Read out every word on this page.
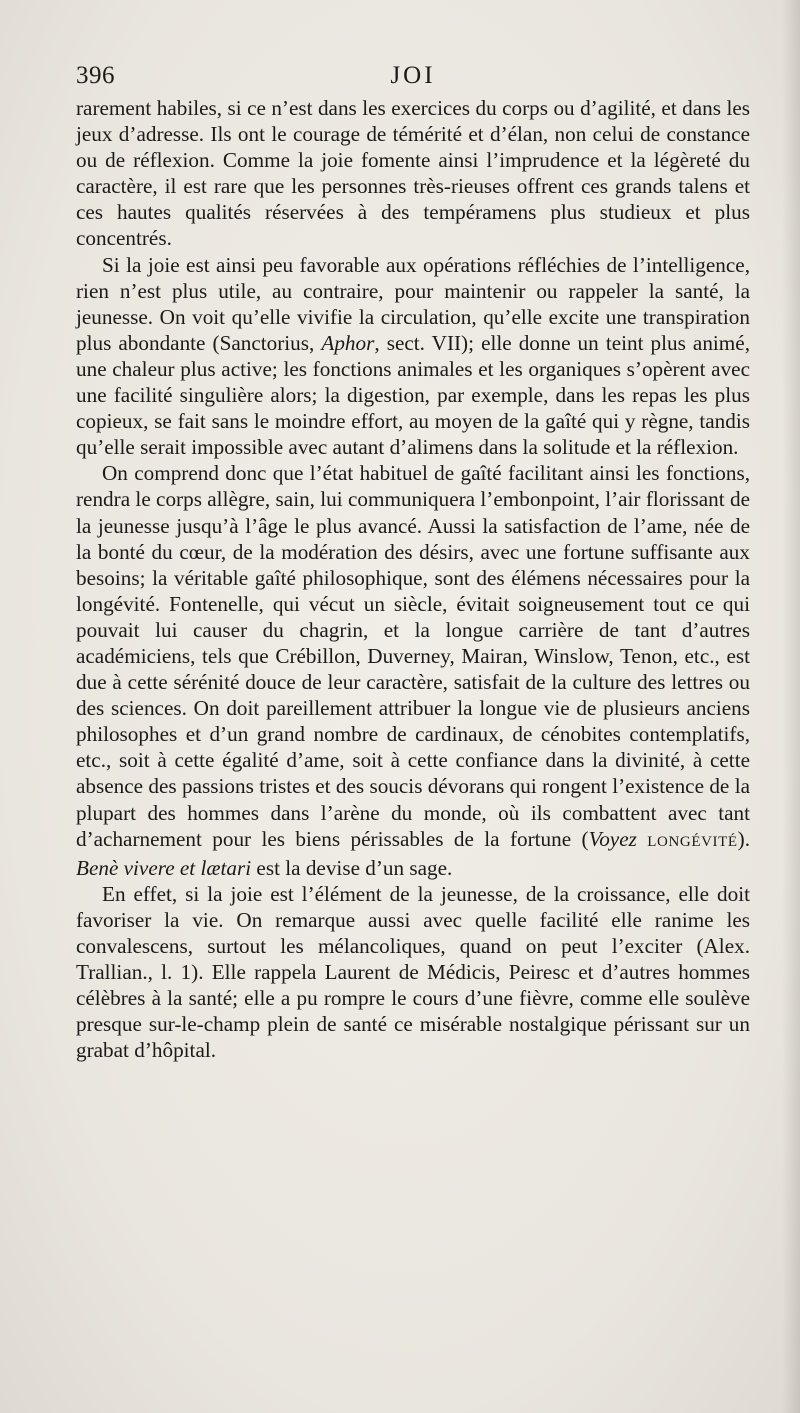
396	JOI

rarement habiles, si ce n’est dans les exercices du corps ou d’agilité, et dans les jeux d’adresse. Ils ont le courage de témérité et d’élan, non celui de constance ou de réflexion. Comme la joie fomente ainsi l’imprudence et la légèreté du caractère, il est rare que les personnes très-rieuses offrent ces grands talens et ces hautes qualités réservées à des tempéramens plus studieux et plus concentrés.

Si la joie est ainsi peu favorable aux opérations réfléchies de l’intelligence, rien n’est plus utile, au contraire, pour maintenir ou rappeler la santé, la jeunesse. On voit qu’elle vivifie la circulation, qu’elle excite une transpiration plus abondante (Sanctorius, Aphor, sect. VII); elle donne un teint plus animé, une chaleur plus active; les fonctions animales et les organiques s’opèrent avec une facilité singulière alors; la digestion, par exemple, dans les repas les plus copieux, se fait sans le moindre effort, au moyen de la gaîté qui y règne, tandis qu’elle serait impossible avec autant d’alimens dans la solitude et la réflexion.

On comprend donc que l’état habituel de gaîté facilitant ainsi les fonctions, rendra le corps allègre, sain, lui communiquera l’embonpoint, l’air florissant de la jeunesse jusqu’à l’âge le plus avancé. Aussi la satisfaction de l’ame, née de la bonté du cœur, de la modération des désirs, avec une fortune suffisante aux besoins; la véritable gaîté philosophique, sont des élémens nécessaires pour la longévité. Fontenelle, qui vécut un siècle, évitait soigneusement tout ce qui pouvait lui causer du chagrin, et la longue carrière de tant d’autres académiciens, tels que Crébillon, Duverney, Mairan, Winslow, Tenon, etc., est due à cette sérénité douce de leur caractère, satisfait de la culture des lettres ou des sciences. On doit pareillement attribuer la longue vie de plusieurs anciens philosophes et d’un grand nombre de cardinaux, de cénobites contemplatifs, etc., soit à cette égalité d’ame, soit à cette confiance dans la divinité, à cette absence des passions tristes et des soucis dévorans qui rongent l’existence de la plupart des hommes dans l’arène du monde, où ils combattent avec tant d’acharnement pour les biens périssables de la fortune (Voyez LONGÉVITÉ). Benè vivere et lætari est la devise d’un sage.

En effet, si la joie est l’élément de la jeunesse, de la croissance, elle doit favoriser la vie. On remarque aussi avec quelle facilité elle ranime les convalescens, surtout les mélancoliques, quand on peut l’exciter (Alex. Trallian., l. 1). Elle rappela Laurent de Médicis, Peiresc et d’autres hommes célèbres à la santé; elle a pu rompre le cours d’une fièvre, comme elle soulève presque sur-le-champ plein de santé ce misérable nostalgique périssant sur un grabat d’hôpital.
